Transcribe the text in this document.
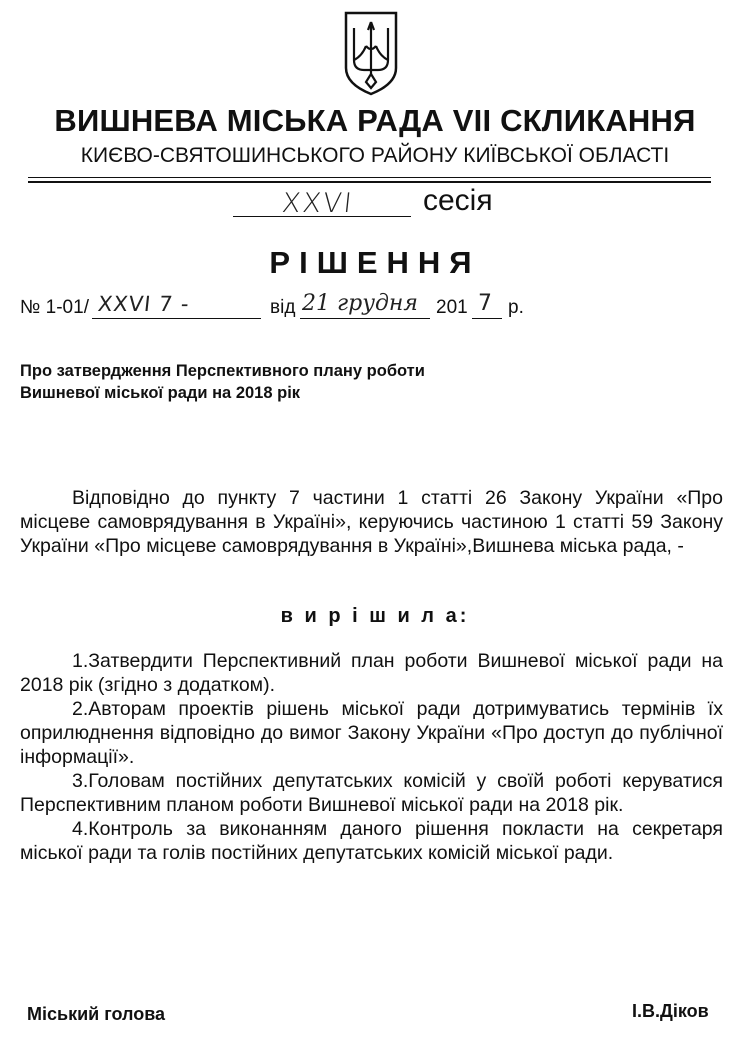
ВИШНЕВА МІСЬКА РАДА VII СКЛИКАННЯ
КИЄВО-СВЯТОШИНСЬКОГО РАЙОНУ КИЇВСЬКОЇ ОБЛАСТІ
XXVI сесія
РІШЕННЯ
№ 1-01/ XXVI 7 -	від 21 грудня 201 7 р.
Про затвердження Перспективного плану роботи
Вишневої міської ради на 2018 рік
Відповідно до пункту 7 частини 1 статті 26 Закону України «Про місцеве самоврядування в Україні», керуючись частиною 1 статті 59 Закону України «Про місцеве самоврядування в Україні»,Вишнева міська рада, -
в и р і ш и л а:

1.Затвердити Перспективний план роботи Вишневої міської ради на 2018 рік (згідно з додатком).

2.Авторам проектів рішень міської ради дотримуватись термінів їх оприлюднення відповідно до вимог Закону України «Про доступ до публічної інформації».

3.Головам постійних депутатських комісій у своїй роботі керуватися Перспективним планом роботи Вишневої міської ради на 2018 рік.

4.Контроль за виконанням даного рішення покласти на секретаря міської ради та голів постійних депутатських комісій міської ради.

Міський голова	І.В.Діков
